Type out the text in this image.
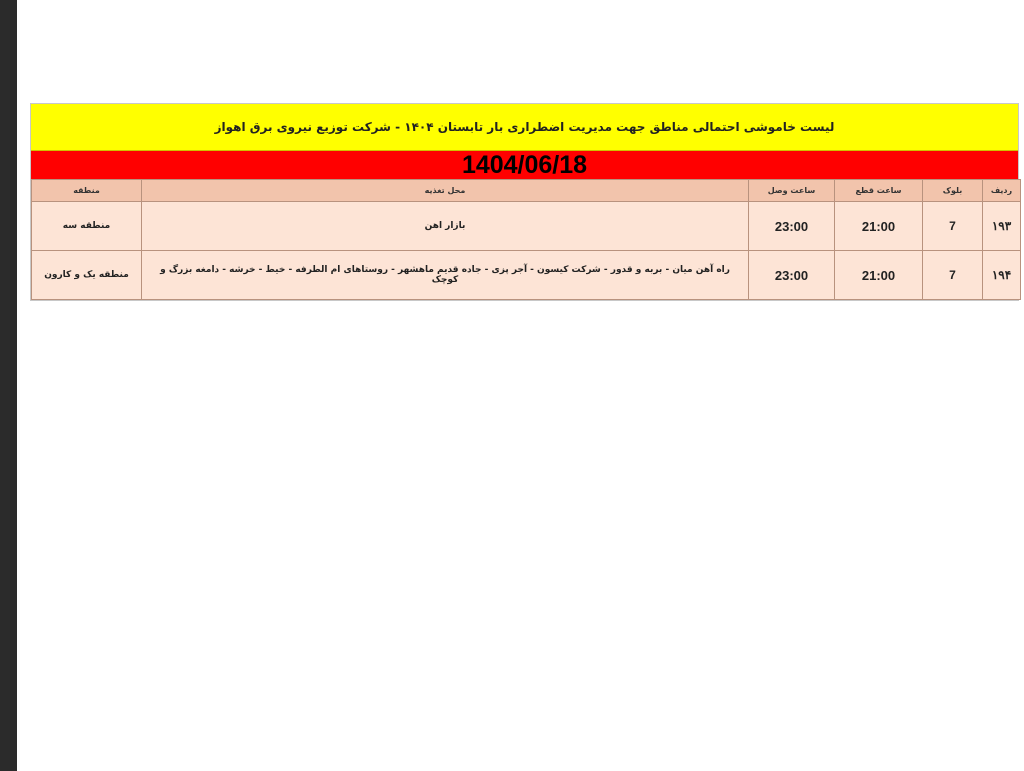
لیست خاموشی احتمالی مناطق جهت مدیریت اضطراری بار تابستان ۱۴۰۴ - شرکت توزیع نیروی برق اهواز
1404/06/18
ردیف	بلوک	ساعت قطع	ساعت وصل	محل تغذیه	منطقه
۱۹۳	7	21:00	23:00	بازار اهن	منطقه سه
۱۹۴	7	21:00	23:00	راه آهن میان - بربه و قدور - شرکت کیسون - آجر پزی - جاده قدیم ماهشهر - روستاهای ام الطرفه - خیط - خرشه - دامغه بزرگ و کوچک	منطقه یک و کارون
